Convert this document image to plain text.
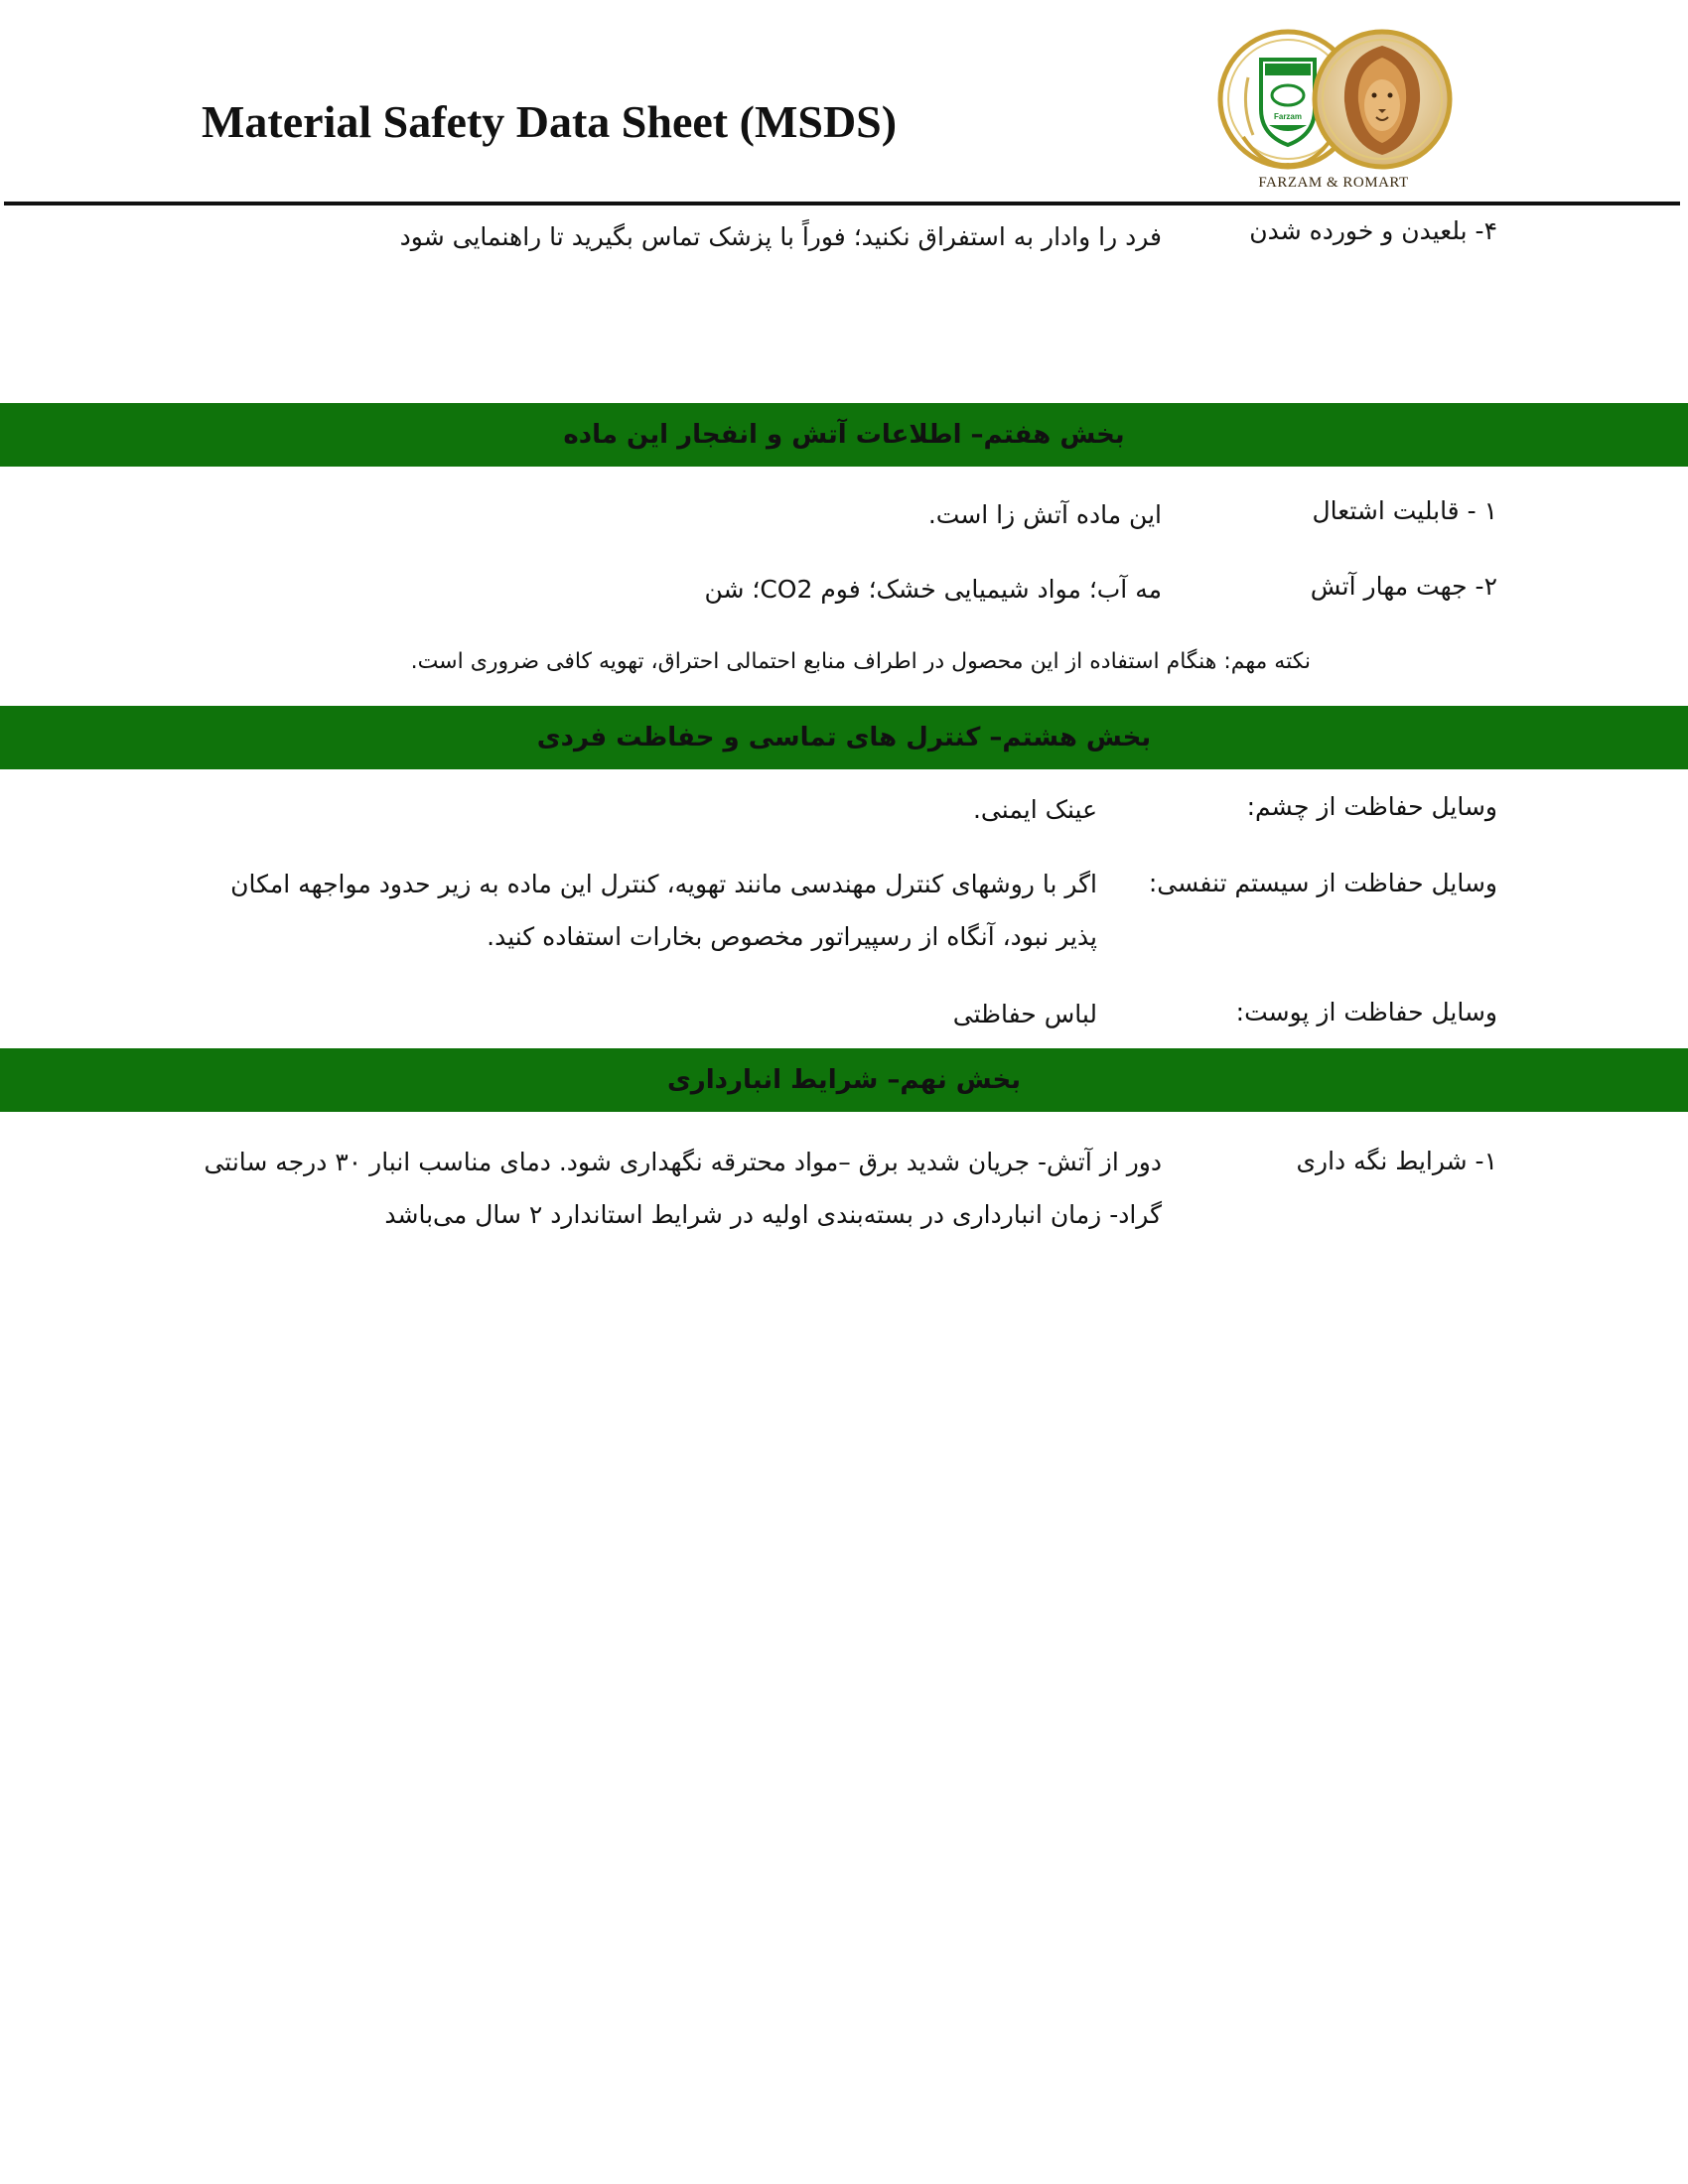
Material Safety Data Sheet (MSDS)	Farzam
FARZAM & ROMART
۴- بلعیدن و خورده شدن
فرد را وادار به استفراق نکنید؛ فوراً با پزشک تماس بگیرید تا راهنمایی شود
بخش هفتم– اطلاعات آتش و انفجار این ماده
۱ - قابلیت اشتعال
این ماده آتش زا است.
۲- جهت مهار آتش
مه آب؛ مواد شیمیایی خشک؛ فوم CO2؛ شن
نکته مهم: هنگام استفاده از این محصول در اطراف منابع احتمالی احتراق، تهویه کافی ضروری است.
بخش هشتم– کنترل های تماسی و حفاظت فردی
وسایل حفاظت از چشم:
عینک ایمنی.
وسایل حفاظت از سیستم تنفسی:
اگر با روشهای کنترل مهندسی مانند تهویه، کنترل این ماده به زیر حدود مواجهه امکان پذیر نبود، آنگاه از رسپیراتور مخصوص بخارات استفاده کنید.
وسایل حفاظت از پوست:
لباس حفاظتی
بخش نهم– شرایط انبارداری
۱- شرایط نگه داری
دور از آتش- جریان شدید برق –مواد محترقه نگهداری شود. دمای مناسب انبار ۳۰ درجه سانتی گراد- زمان انبارداری در بسته‌بندی اولیه در شرایط استاندارد ۲ سال می‌باشد
